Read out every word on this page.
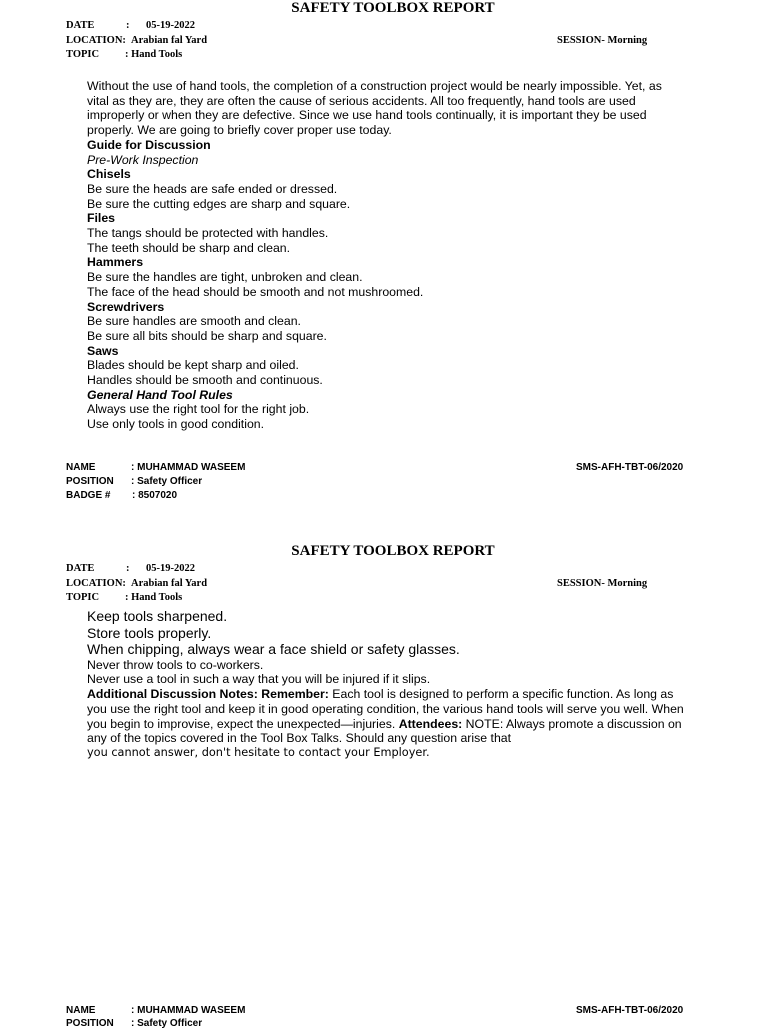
SAFETY TOOLBOX REPORT
DATE	: 05-19-2022
LOCATION: Arabian fal Yard	SESSION- Morning
TOPIC : Hand Tools

Without the use of hand tools, the completion of a construction project would be nearly impossible. Yet, as vital as they are, they are often the cause of serious accidents. All too frequently, hand tools are used improperly or when they are defective. Since we use hand tools continually, it is important they be used properly. We are going to briefly cover proper use today.

Guide for Discussion

Pre-Work Inspection

Chisels

Be sure the heads are safe ended or dressed.

Be sure the cutting edges are sharp and square.

Files

The tangs should be protected with handles.

The teeth should be sharp and clean.

Hammers

Be sure the handles are tight, unbroken and clean.

The face of the head should be smooth and not mushroomed.

Screwdrivers

Be sure handles are smooth and clean.

Be sure all bits should be sharp and square.

Saws

Blades should be kept sharp and oiled.

Handles should be smooth and continuous.

General Hand Tool Rules

Always use the right tool for the right job.

Use only tools in good condition.

NAME	: MUHAMMAD WASEEM	SMS-AFH-TBT-06/2020
POSITION : Safety Officer
BADGE # : 8507020
SAFETY TOOLBOX REPORT
DATE	: 05-19-2022
LOCATION: Arabian fal Yard	SESSION- Morning
TOPIC : Hand Tools

Keep tools sharpened.

Store tools properly.

When chipping, always wear a face shield or safety glasses.

Never throw tools to co-workers.

Never use a tool in such a way that you will be injured if it slips.

Additional Discussion Notes: Remember: Each tool is designed to perform a specific function. As long as you use the right tool and keep it in good operating condition, the various hand tools will serve you well. When you begin to improvise, expect the unexpected—injuries. Attendees: NOTE: Always promote a discussion on any of the topics covered in the Tool Box Talks. Should any question arise that

you cannot answer, don't hesitate to contact your Employer.

NAME	: MUHAMMAD WASEEM	SMS-AFH-TBT-06/2020
POSITION : Safety Officer
